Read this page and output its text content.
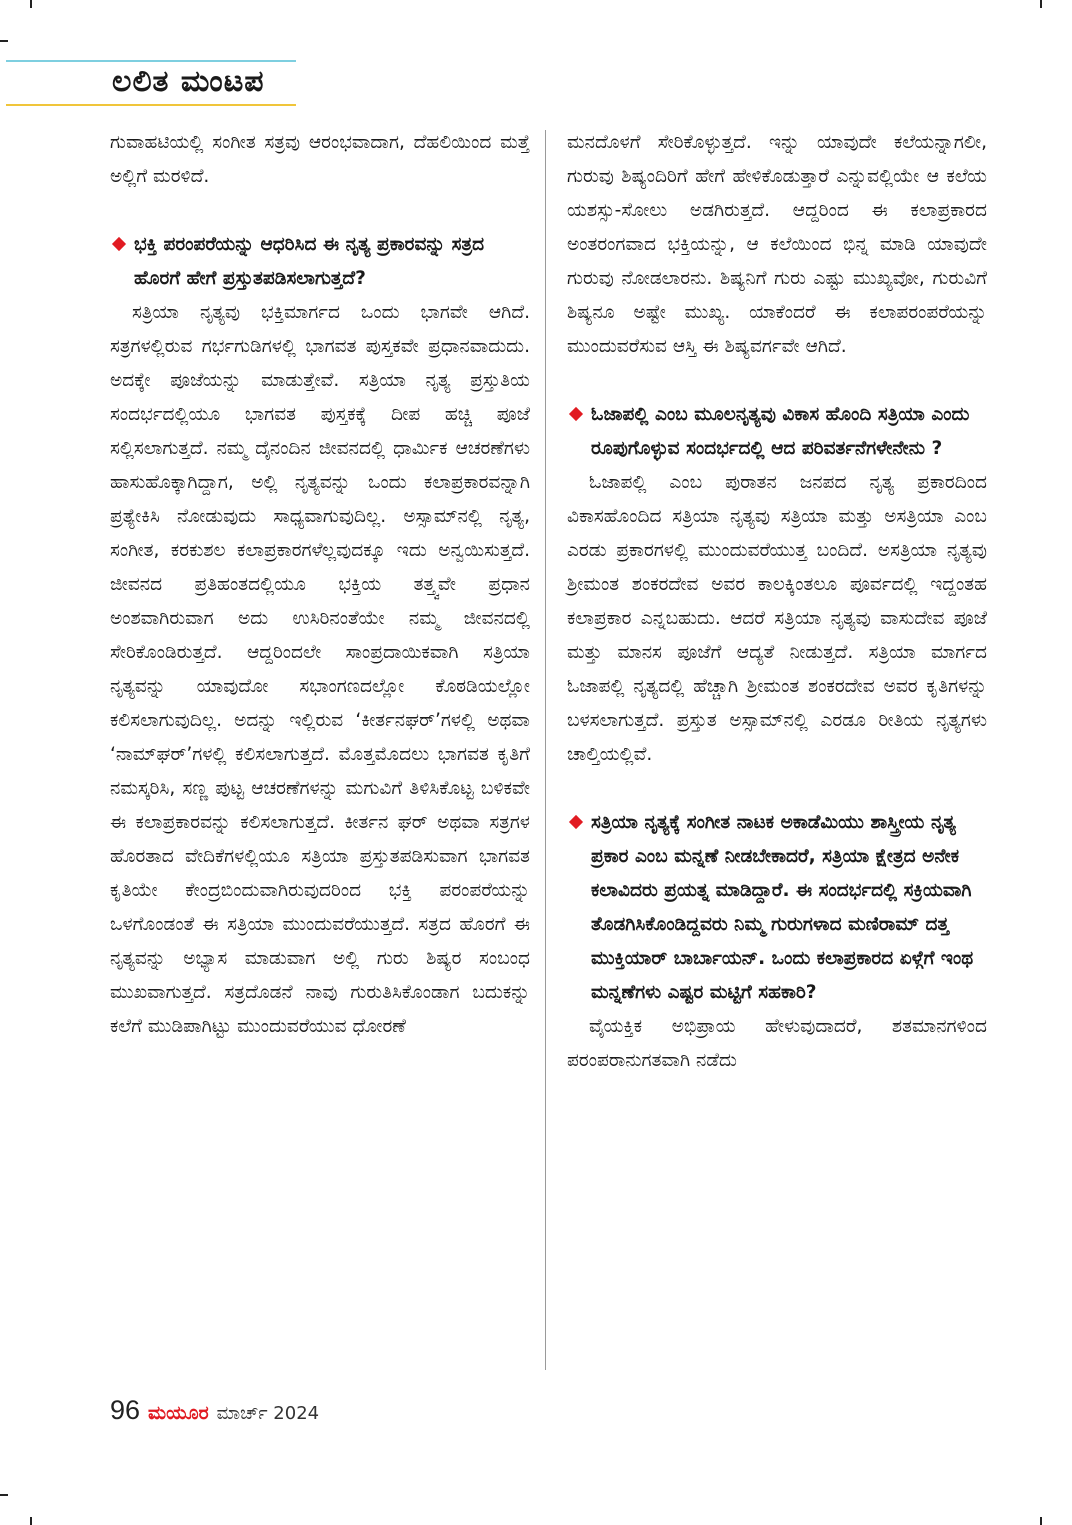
ಲಲಿತ ಮಂಟಪ

ಗುವಾಹಟಿಯಲ್ಲಿ ಸಂಗೀತ ಸತ್ರವು ಆರಂಭವಾದಾಗ, ದೆಹಲಿಯಿಂದ ಮತ್ತೆ ಅಲ್ಲಿಗೆ ಮರಳಿದೆ.

ಭಕ್ತಿ ಪರಂಪರೆಯನ್ನು ಆಧರಿಸಿದ ಈ ನೃತ್ಯ ಪ್ರಕಾರವನ್ನು ಸತ್ರದ ಹೊರಗೆ ಹೇಗೆ ಪ್ರಸ್ತುತಪಡಿಸಲಾಗುತ್ತದೆ?

ಸತ್ರಿಯಾ ನೃತ್ಯವು ಭಕ್ತಿಮಾರ್ಗದ ಒಂದು ಭಾಗವೇ ಆಗಿದೆ. ಸತ್ರಗಳಲ್ಲಿರುವ ಗರ್ಭಗುಡಿಗಳಲ್ಲಿ ಭಾಗವತ ಪುಸ್ತಕವೇ ಪ್ರಧಾನವಾದುದು. ಅದಕ್ಕೇ ಪೂಜೆಯನ್ನು ಮಾಡುತ್ತೇವೆ. ಸತ್ರಿಯಾ ನೃತ್ಯ ಪ್ರಸ್ತುತಿಯ ಸಂದರ್ಭದಲ್ಲಿಯೂ ಭಾಗವತ ಪುಸ್ತಕಕ್ಕೆ ದೀಪ ಹಚ್ಚಿ ಪೂಜೆ ಸಲ್ಲಿಸಲಾಗುತ್ತದೆ. ನಮ್ಮ ದೈನಂದಿನ ಜೀವನದಲ್ಲಿ ಧಾರ್ಮಿಕ ಆಚರಣೆಗಳು ಹಾಸುಹೊಕ್ಕಾಗಿದ್ದಾಗ, ಅಲ್ಲಿ ನೃತ್ಯವನ್ನು ಒಂದು ಕಲಾಪ್ರಕಾರವನ್ನಾಗಿ ಪ್ರತ್ಯೇಕಿಸಿ ನೋಡುವುದು ಸಾಧ್ಯವಾಗುವುದಿಲ್ಲ. ಅಸ್ಸಾಮ್‌ನಲ್ಲಿ ನೃತ್ಯ, ಸಂಗೀತ, ಕರಕುಶಲ ಕಲಾಪ್ರಕಾರಗಳೆಲ್ಲವುದಕ್ಕೂ ಇದು ಅನ್ವಯಿಸುತ್ತದೆ. ಜೀವನದ ಪ್ರತಿಹಂತದಲ್ಲಿಯೂ ಭಕ್ತಿಯ ತತ್ತ್ವವೇ ಪ್ರಧಾನ ಅಂಶವಾಗಿರುವಾಗ ಅದು ಉಸಿರಿನಂತೆಯೇ ನಮ್ಮ ಜೀವನದಲ್ಲಿ ಸೇರಿಕೊಂಡಿರುತ್ತದೆ. ಆದ್ದರಿಂದಲೇ ಸಾಂಪ್ರದಾಯಿಕವಾಗಿ ಸತ್ರಿಯಾ ನೃತ್ಯವನ್ನು ಯಾವುದೋ ಸಭಾಂಗಣದಲ್ಲೋ ಕೊಠಡಿಯಲ್ಲೋ ಕಲಿಸಲಾಗುವುದಿಲ್ಲ. ಅದನ್ನು ಇಲ್ಲಿರುವ ‘ಕೀರ್ತನಘರ್’ಗಳಲ್ಲಿ ಅಥವಾ ‘ನಾಮ್‌ಘರ್’ಗಳಲ್ಲಿ ಕಲಿಸಲಾಗುತ್ತದೆ. ಮೊತ್ತಮೊದಲು ಭಾಗವತ ಕೃತಿಗೆ ನಮಸ್ಕರಿಸಿ, ಸಣ್ಣ ಪುಟ್ಟ ಆಚರಣೆಗಳನ್ನು ಮಗುವಿಗೆ ತಿಳಿಸಿಕೊಟ್ಟ ಬಳಿಕವೇ ಈ ಕಲಾಪ್ರಕಾರವನ್ನು ಕಲಿಸಲಾಗುತ್ತದೆ. ಕೀರ್ತನ ಘರ್ ಅಥವಾ ಸತ್ರಗಳ ಹೊರತಾದ ವೇದಿಕೆಗಳಲ್ಲಿಯೂ ಸತ್ರಿಯಾ ಪ್ರಸ್ತುತಪಡಿಸುವಾಗ ಭಾಗವತ ಕೃತಿಯೇ ಕೇಂದ್ರಬಿಂದುವಾಗಿರುವುದರಿಂದ ಭಕ್ತಿ ಪರಂಪರೆಯನ್ನು ಒಳಗೊಂಡಂತೆ ಈ ಸತ್ರಿಯಾ ಮುಂದುವರೆಯುತ್ತದೆ. ಸತ್ರದ ಹೊರಗೆ ಈ ನೃತ್ಯವನ್ನು ಅಭ್ಯಾಸ ಮಾಡುವಾಗ ಅಲ್ಲಿ ಗುರು ಶಿಷ್ಯರ ಸಂಬಂಧ ಮುಖವಾಗುತ್ತದೆ. ಸತ್ರದೊಡನೆ ನಾವು ಗುರುತಿಸಿಕೊಂಡಾಗ ಬದುಕನ್ನು ಕಲೆಗೆ ಮುಡಿಪಾಗಿಟ್ಟು ಮುಂದುವರೆಯುವ ಧೋರಣೆ

ಮನದೊಳಗೆ ಸೇರಿಕೊಳ್ಳುತ್ತದೆ. ಇನ್ನು ಯಾವುದೇ ಕಲೆಯನ್ನಾಗಲೀ, ಗುರುವು ಶಿಷ್ಯಂದಿರಿಗೆ ಹೇಗೆ ಹೇಳಿಕೊಡುತ್ತಾರೆ ಎನ್ನುವಲ್ಲಿಯೇ ಆ ಕಲೆಯ ಯಶಸ್ಸು-ಸೋಲು ಅಡಗಿರುತ್ತದೆ. ಆದ್ದರಿಂದ ಈ ಕಲಾಪ್ರಕಾರದ ಅಂತರಂಗವಾದ ಭಕ್ತಿಯನ್ನು, ಆ ಕಲೆಯಿಂದ ಭಿನ್ನ ಮಾಡಿ ಯಾವುದೇ ಗುರುವು ನೋಡಲಾರನು. ಶಿಷ್ಯನಿಗೆ ಗುರು ಎಷ್ಟು ಮುಖ್ಯವೋ, ಗುರುವಿಗೆ ಶಿಷ್ಯನೂ ಅಷ್ಟೇ ಮುಖ್ಯ. ಯಾಕೆಂದರೆ ಈ ಕಲಾಪರಂಪರೆಯನ್ನು ಮುಂದುವರೆಸುವ ಆಸ್ತಿ ಈ ಶಿಷ್ಯವರ್ಗವೇ ಆಗಿದೆ.

ಓಜಾಪಲ್ಲಿ ಎಂಬ ಮೂಲನೃತ್ಯವು ವಿಕಾಸ ಹೊಂದಿ ಸತ್ರಿಯಾ ಎಂದು ರೂಪುಗೊಳ್ಳುವ ಸಂದರ್ಭದಲ್ಲಿ ಆದ ಪರಿವರ್ತನೆಗಳೇನೇನು ?

ಓಜಾಪಲ್ಲಿ ಎಂಬ ಪುರಾತನ ಜನಪದ ನೃತ್ಯ ಪ್ರಕಾರದಿಂದ ವಿಕಾಸಹೊಂದಿದ ಸತ್ರಿಯಾ ನೃತ್ಯವು ಸತ್ರಿಯಾ ಮತ್ತು ಅಸತ್ರಿಯಾ ಎಂಬ ಎರಡು ಪ್ರಕಾರಗಳಲ್ಲಿ ಮುಂದುವರೆಯುತ್ತ ಬಂದಿದೆ. ಅಸತ್ರಿಯಾ ನೃತ್ಯವು ಶ್ರೀಮಂತ ಶಂಕರದೇವ ಅವರ ಕಾಲಕ್ಕಿಂತಲೂ ಪೂರ್ವದಲ್ಲಿ ಇದ್ದಂತಹ ಕಲಾಪ್ರಕಾರ ಎನ್ನಬಹುದು. ಆದರೆ ಸತ್ರಿಯಾ ನೃತ್ಯವು ವಾಸುದೇವ ಪೂಜೆ ಮತ್ತು ಮಾನಸ ಪೂಜೆಗೆ ಆದ್ಯತೆ ನೀಡುತ್ತದೆ. ಸತ್ರಿಯಾ ಮಾರ್ಗದ ಓಜಾಪಲ್ಲಿ ನೃತ್ಯದಲ್ಲಿ ಹೆಚ್ಚಾಗಿ ಶ್ರೀಮಂತ ಶಂಕರದೇವ ಅವರ ಕೃತಿಗಳನ್ನು ಬಳಸಲಾಗುತ್ತದೆ. ಪ್ರಸ್ತುತ ಅಸ್ಸಾಮ್‌ನಲ್ಲಿ ಎರಡೂ ರೀತಿಯ ನೃತ್ಯಗಳು ಚಾಲ್ತಿಯಲ್ಲಿವೆ.

ಸತ್ರಿಯಾ ನೃತ್ಯಕ್ಕೆ ಸಂಗೀತ ನಾಟಕ ಅಕಾಡೆಮಿಯು ಶಾಸ್ತ್ರೀಯ ನೃತ್ಯ ಪ್ರಕಾರ ಎಂಬ ಮನ್ನಣೆ ನೀಡಬೇಕಾದರೆ, ಸತ್ರಿಯಾ ಕ್ಷೇತ್ರದ ಅನೇಕ ಕಲಾವಿದರು ಪ್ರಯತ್ನ ಮಾಡಿದ್ದಾರೆ. ಈ ಸಂದರ್ಭದಲ್ಲಿ ಸಕ್ರಿಯವಾಗಿ ತೊಡಗಿಸಿಕೊಂಡಿದ್ದವರು ನಿಮ್ಮ ಗುರುಗಳಾದ ಮಣಿರಾಮ್ ದತ್ತ ಮುಕ್ತಿಯಾರ್ ಬಾರ್ಬಾಯನ್. ಒಂದು ಕಲಾಪ್ರಕಾರದ ಏಳ್ಗೆಗೆ ಇಂಥ ಮನ್ನಣೆಗಳು ಎಷ್ಟರ ಮಟ್ಟಿಗೆ ಸಹಕಾರಿ?

ವೈಯಕ್ತಿಕ ಅಭಿಪ್ರಾಯ ಹೇಳುವುದಾದರೆ, ಶತಮಾನಗಳಿಂದ ಪರಂಪರಾನುಗತವಾಗಿ ನಡೆದು

96 ಮಯೂರ ಮಾರ್ಚ್ 2024
